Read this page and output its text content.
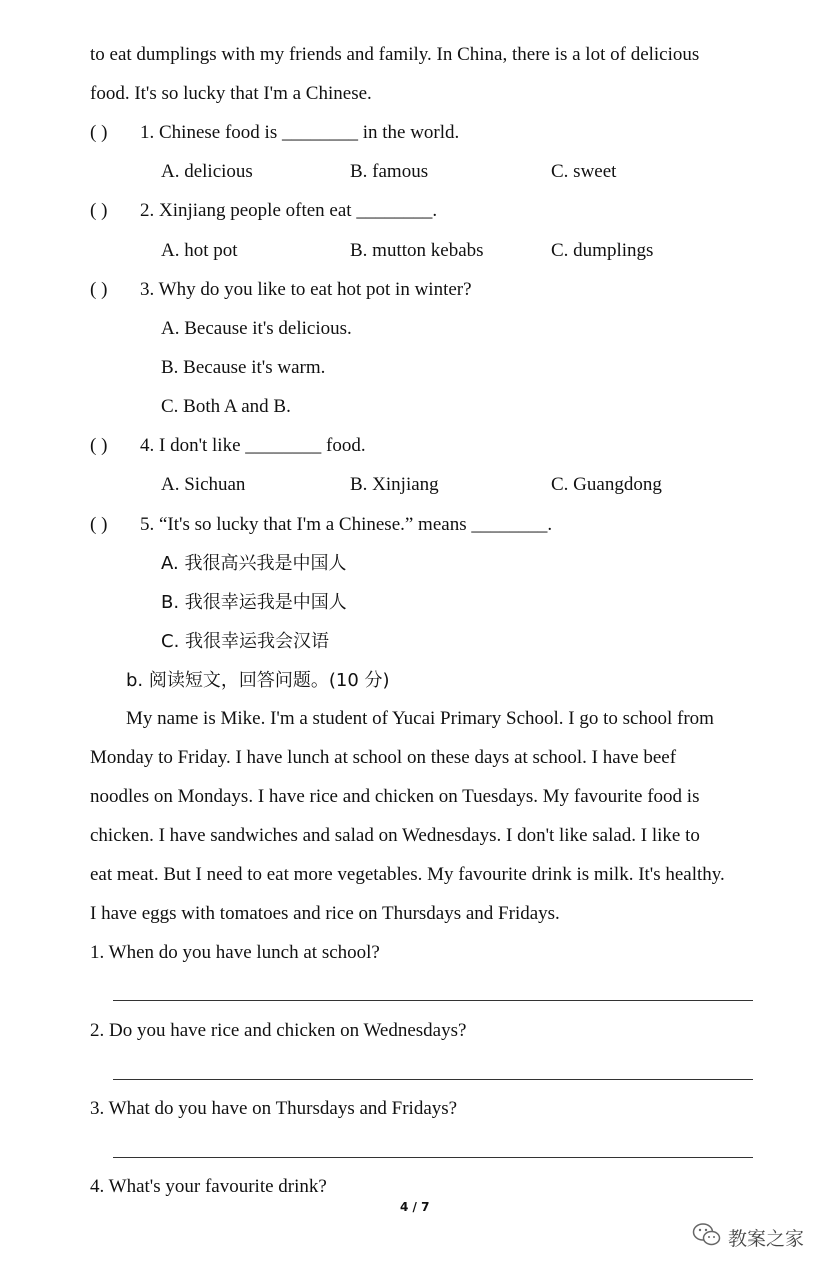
to eat dumplings with my friends and family. In China, there is a lot of delicious
food. It's so lucky that I'm a Chinese.
( ) 1. Chinese food is ________ in the world.
A. delicious	B. famous	C. sweet
( ) 2. Xinjiang people often eat ________.
A. hot pot	B. mutton kebabs	C. dumplings
( ) 3. Why do you like to eat hot pot in winter?
A. Because it's delicious.
B. Because it's warm.
C. Both A and B.
( ) 4. I don't like ________ food.
A. Sichuan	B. Xinjiang	C. Guangdong
( ) 5. “It's so lucky that I'm a Chinese.” means ________.
A. 我很高兴我是中国人
B. 我很幸运我是中国人
C. 我很幸运我会汉语
b. 阅读短文，回答问题。(10 分)
My name is Mike. I'm a student of Yucai Primary School. I go to school from
Monday to Friday. I have lunch at school on these days at school. I have beef
noodles on Mondays. I have rice and chicken on Tuesdays. My favourite food is
chicken. I have sandwiches and salad on Wednesdays. I don't like salad. I like to
eat meat. But I need to eat more vegetables. My favourite drink is milk. It's healthy.
I have eggs with tomatoes and rice on Thursdays and Fridays.
1. When do you have lunch at school?
2. Do you have rice and chicken on Wednesdays?
3. What do you have on Thursdays and Fridays?
4. What's your favourite drink?
4 / 7
教案之家
